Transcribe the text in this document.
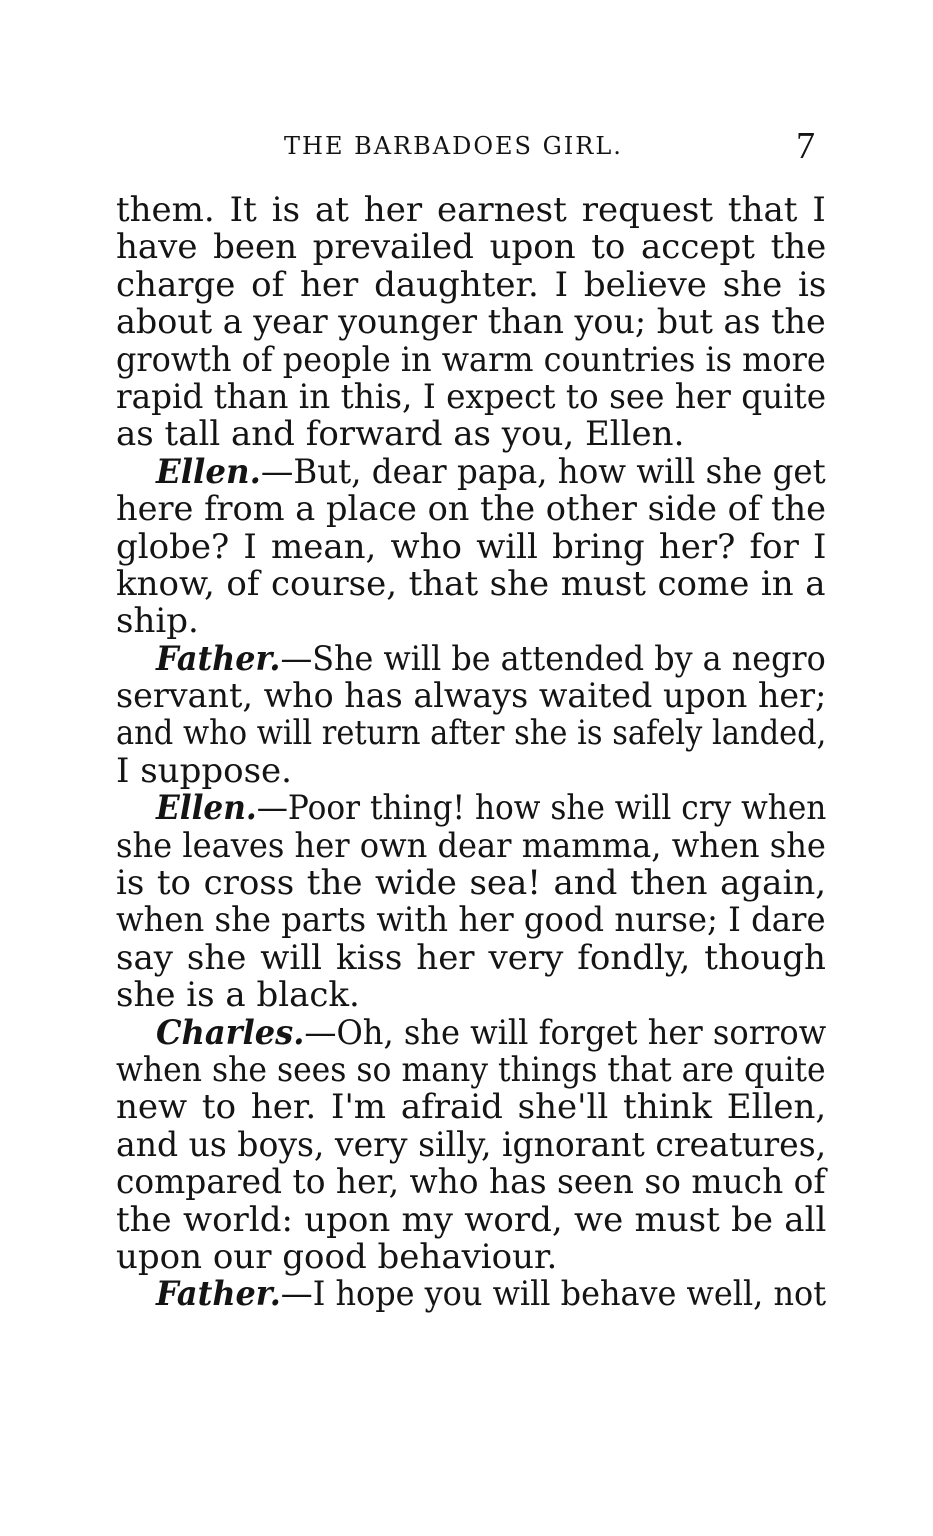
THE BARBADOES GIRL.	7
them. It is at her earnest request that I
have been prevailed upon to accept the
charge of her daughter. I believe she is
about a year younger than you; but as the
growth of people in warm countries is more
rapid than in this, I expect to see her quite
as tall and forward as you, Ellen.
Ellen.—But, dear papa, how will she get
here from a place on the other side of the
globe? I mean, who will bring her? for I
know, of course, that she must come in a
ship.
Father.—She will be attended by a negro
servant, who has always waited upon her;
and who will return after she is safely landed,
I suppose.
Ellen.—Poor thing! how she will cry when
she leaves her own dear mamma, when she
is to cross the wide sea! and then again,
when she parts with her good nurse; I dare
say she will kiss her very fondly, though
she is a black.
Charles.—Oh, she will forget her sorrow
when she sees so many things that are quite
new to her. I'm afraid she'll think Ellen,
and us boys, very silly, ignorant creatures,
compared to her, who has seen so much of
the world: upon my word, we must be all
upon our good behaviour.
Father.—I hope you will behave well, not
